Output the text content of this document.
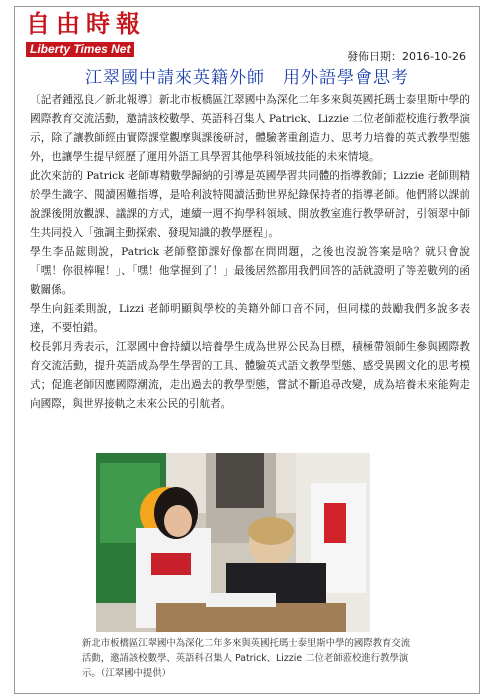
自由時報
Liberty Times Net
發佈日期：2016-10-26
江翠國中請來英籍外師　用外語學會思考

〔記者鍾泓良／新北報導〕新北市板橋區江翠國中為深化二年多來與英國托瑪士泰里斯中學的國際教育交流活動，邀請該校數學、英語科召集人 Patrick、Lizzie 二位老師蒞校進行教學演示，除了讓教師經由實際課堂觀摩與課後研討，體驗著重創造力、思考力培養的英式教學型態外，也讓學生提早經歷了運用外語工具學習其他學科領域技能的未來情境。

此次來訪的 Patrick 老師專精數學歸納的引導是英國學習共同體的指導教師；Lizzie 老師則精於學生識字、閱讀困難指導，是哈利波特閱讀活動世界紀錄保持者的指導老師。他們將以課前說課後開放觀課、議課的方式，連續一週不拘學科領域、開放教室進行教學研討，引領翠中師生共同投入「強調主動探索、發現知識的教學歷程」。

學生李品鋐則說，Patrick 老師整節課好像都在問問題，之後也沒說答案是啥？就只會說「嘿！你很棒喔！」、「嘿！他掌握到了！」最後居然都用我們回答的話就證明了等差數列的函數關係。

學生向鈺柔則說，Lizzi 老師明顯與學校的美籍外師口音不同，但同樣的鼓勵我們多說多表達，不要怕錯。

校長郭月秀表示，江翠國中會持續以培養學生成為世界公民為目標，積極帶領師生參與國際教育交流活動，提升英語成為學生學習的工具、體驗英式語文教學型態、感受異國文化的思考模式；促進老師因應國際潮流，走出過去的教學型態，嘗試不斷追尋改變，成為培養未來能夠走向國際，與世界接軌之未來公民的引航者。

新北市板橋區江翠國中為深化二年多來與英國托瑪士泰里斯中學的國際教育交流活動，邀請該校數學、英語科召集人 Patrick、Lizzie 二位老師蒞校進行教學演示。（江翠國中提供）
